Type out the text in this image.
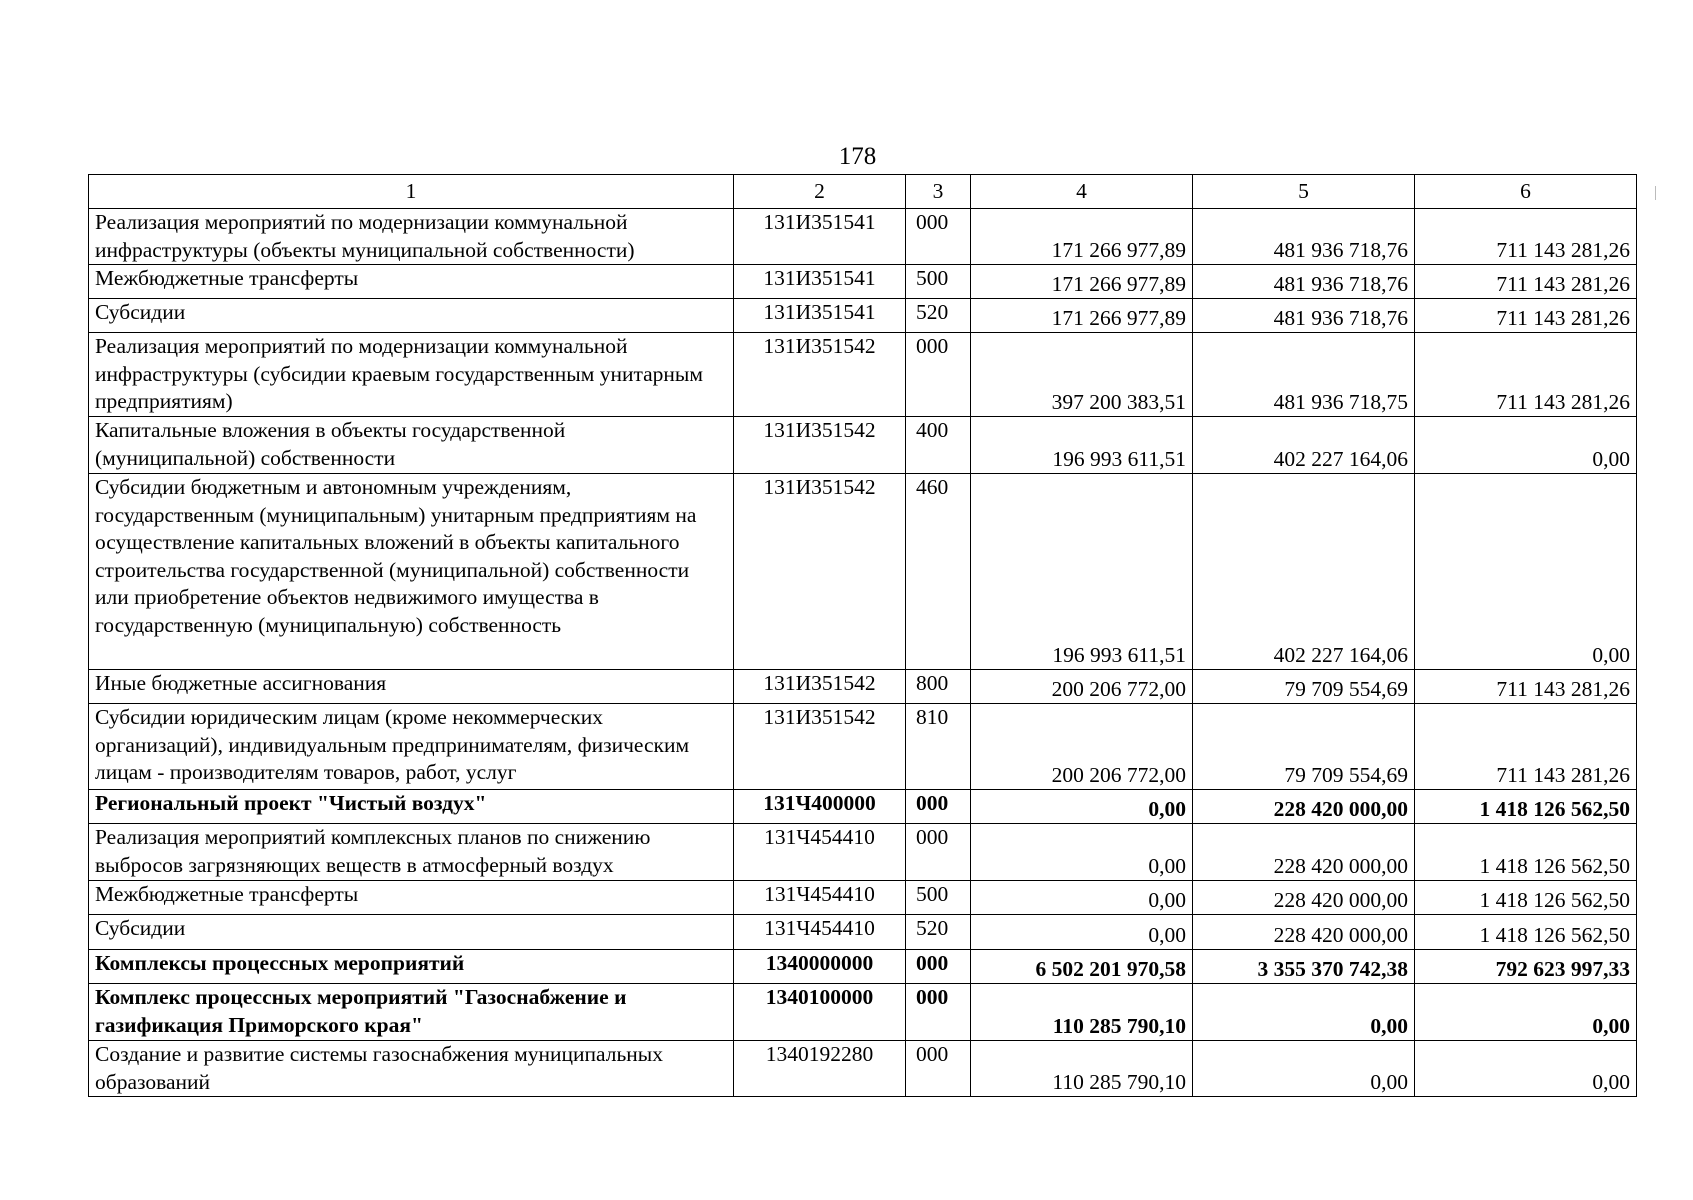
178
1	2	3	4	5	6
Реализация мероприятий по модернизации коммунальной инфраструктуры (объекты муниципальной собственности)	131И351541	000	171 266 977,89	481 936 718,76	711 143 281,26
Межбюджетные трансферты	131И351541	500	171 266 977,89	481 936 718,76	711 143 281,26
Субсидии	131И351541	520	171 266 977,89	481 936 718,76	711 143 281,26
Реализация мероприятий по модернизации коммунальной инфраструктуры (субсидии краевым государственным унитарным предприятиям)	131И351542	000	397 200 383,51	481 936 718,75	711 143 281,26
Капитальные вложения в объекты государственной (муниципальной) собственности	131И351542	400	196 993 611,51	402 227 164,06	0,00
Субсидии бюджетным и автономным учреждениям, государственным (муниципальным) унитарным предприятиям на осуществление капитальных вложений в объекты капитального строительства государственной (муниципальной) собственности или приобретение объектов недвижимого имущества в государственную (муниципальную) собственность	131И351542	460	196 993 611,51	402 227 164,06	0,00
Иные бюджетные ассигнования	131И351542	800	200 206 772,00	79 709 554,69	711 143 281,26
Субсидии юридическим лицам (кроме некоммерческих организаций), индивидуальным предпринимателям, физическим лицам - производителям товаров, работ, услуг	131И351542	810	200 206 772,00	79 709 554,69	711 143 281,26
Региональный проект "Чистый воздух"	131Ч400000	000	0,00	228 420 000,00	1 418 126 562,50
Реализация мероприятий комплексных планов по снижению выбросов загрязняющих веществ в атмосферный воздух	131Ч454410	000	0,00	228 420 000,00	1 418 126 562,50
Межбюджетные трансферты	131Ч454410	500	0,00	228 420 000,00	1 418 126 562,50
Субсидии	131Ч454410	520	0,00	228 420 000,00	1 418 126 562,50
Комплексы процессных мероприятий	1340000000	000	6 502 201 970,58	3 355 370 742,38	792 623 997,33
Комплекс процессных мероприятий "Газоснабжение и газификация Приморского края"	1340100000	000	110 285 790,10	0,00	0,00
Создание и развитие системы газоснабжения муниципальных образований	1340192280	000	110 285 790,10	0,00	0,00
